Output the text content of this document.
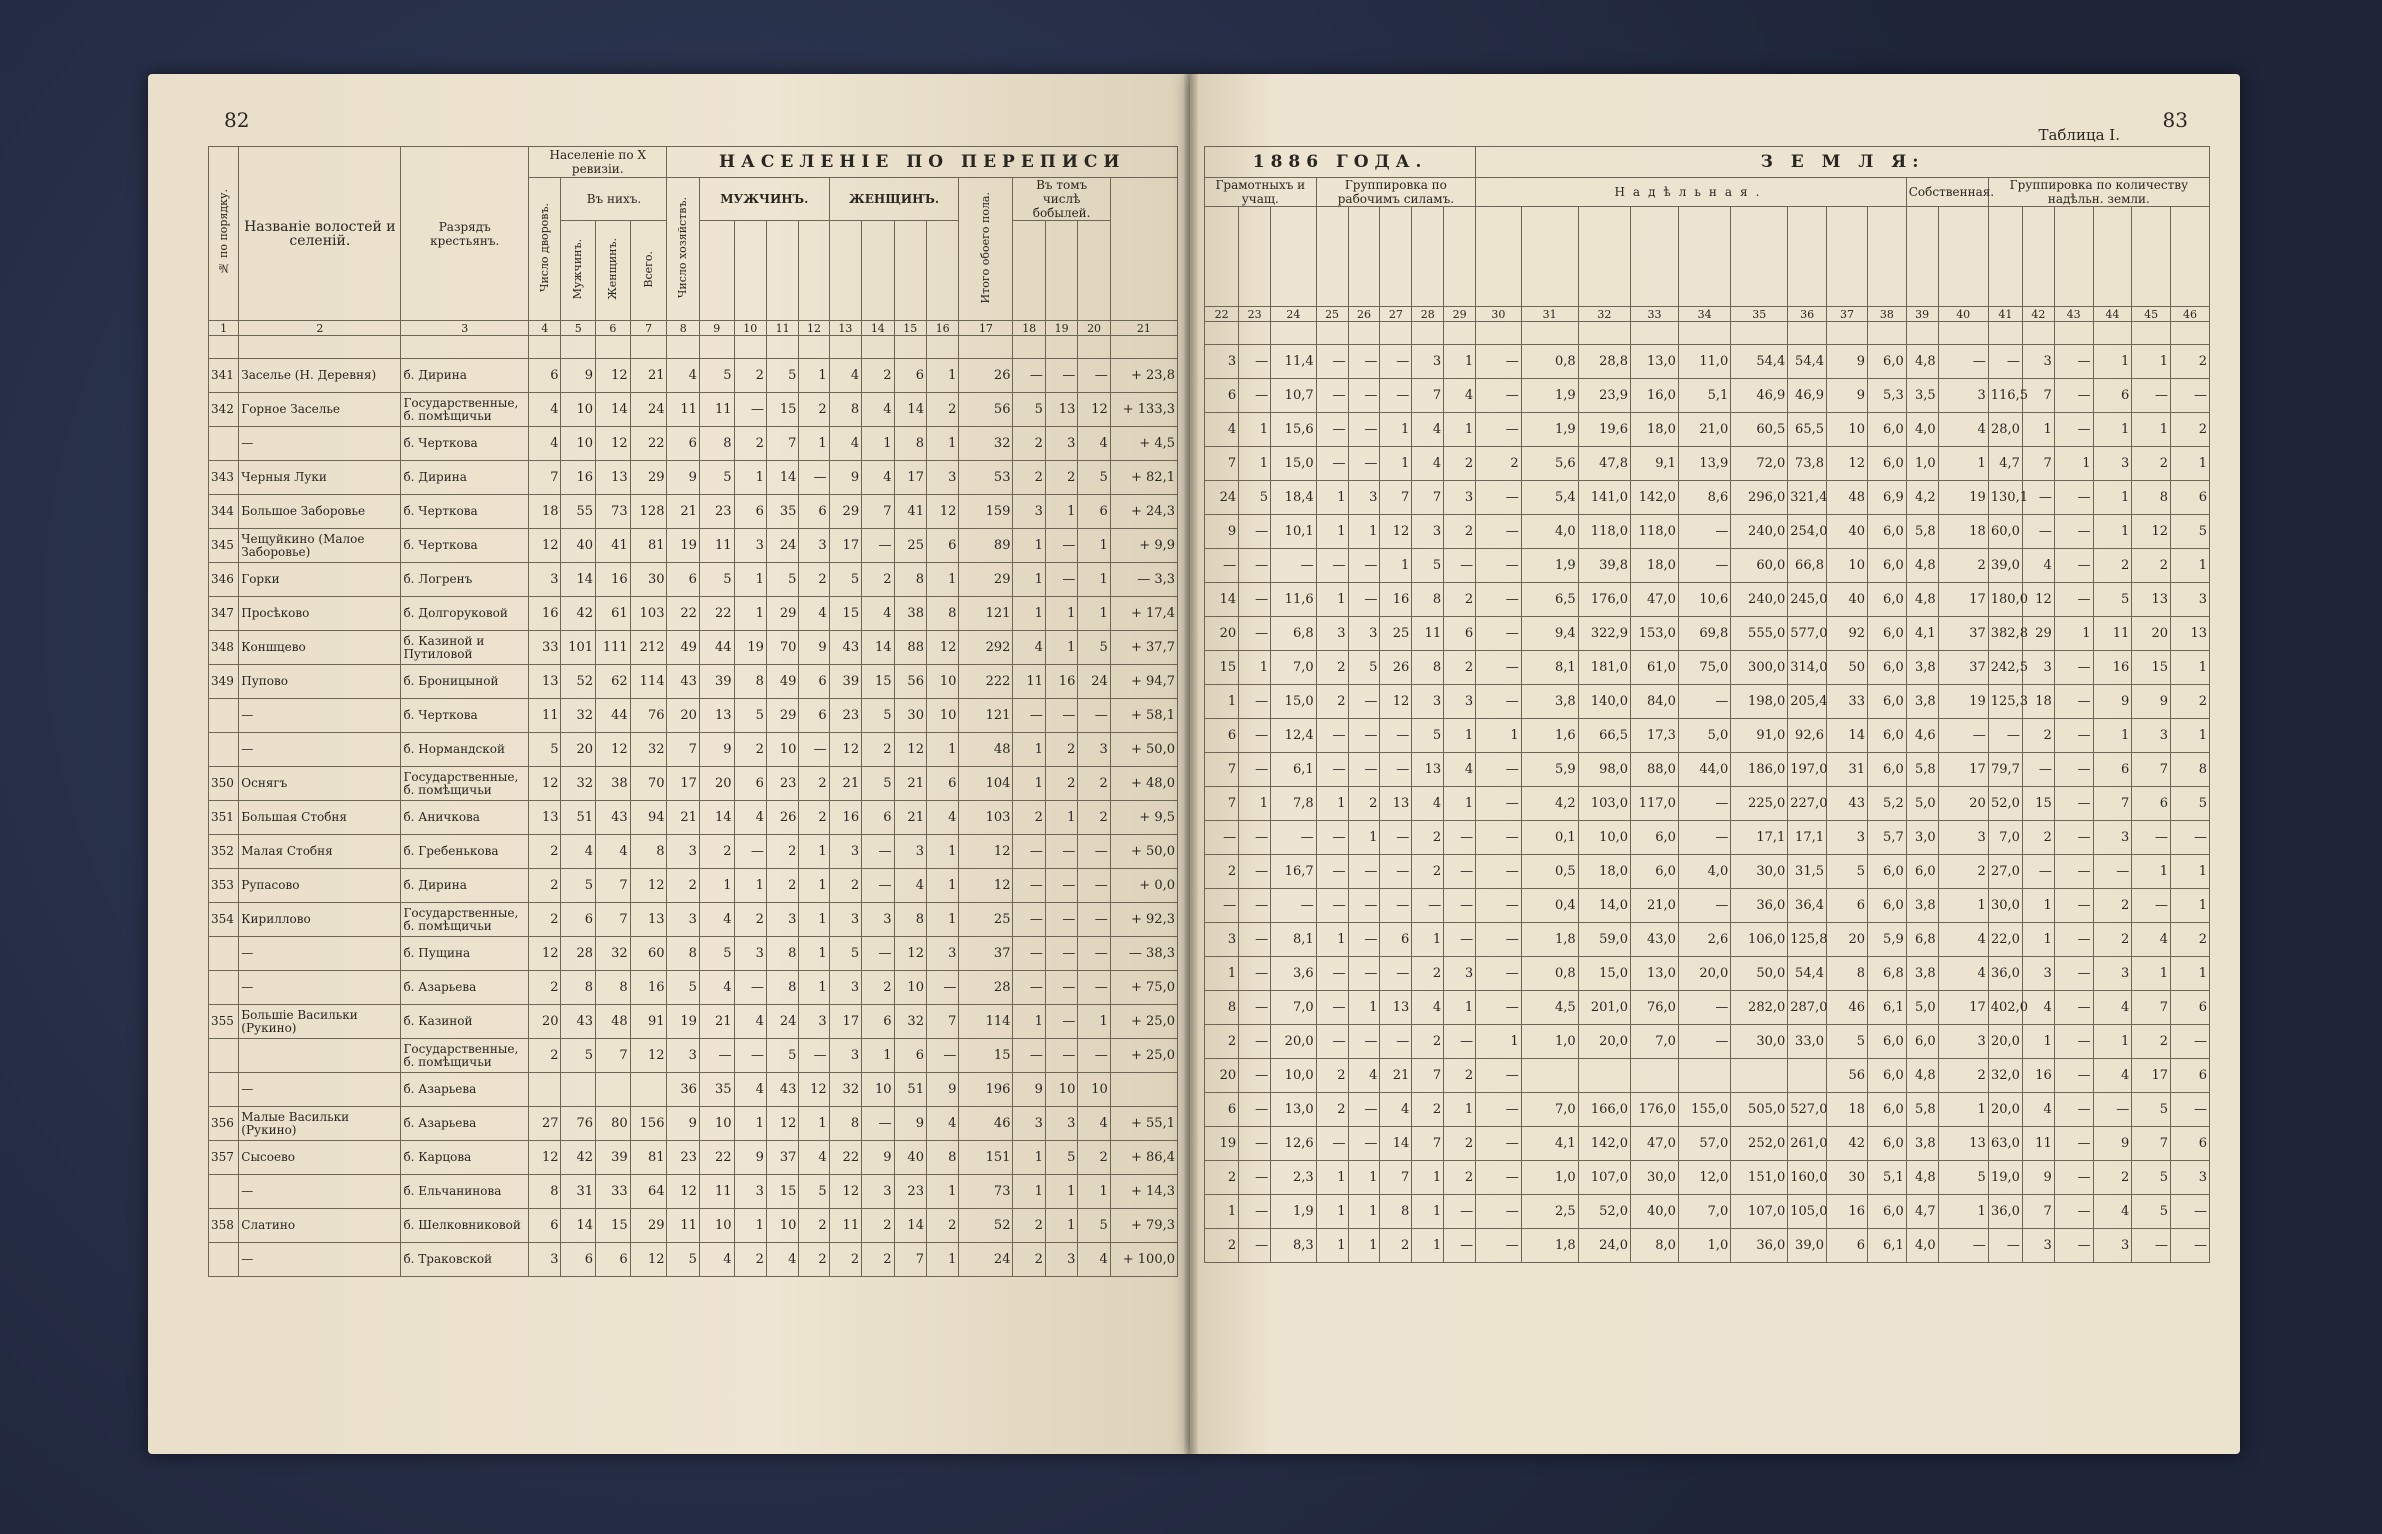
82
№ по порядку.	Названіе волостей и селеній.	Разрядъ крестьянъ.	Населеніе по X ревизіи.				НАСЕЛЕНІЕ ПО ПЕРЕПИСИ													
			Число дворовъ.	Въ нихъ.			Число хозяйствъ.	МУЖЧИНЪ.				ЖЕНЩИНЪ.				Итого обоего пола.	Въ томъ числѣ бобылей.			
				Мужчинъ.	Женщинъ.	Всего.														
1	2	3	4	5	6	7	8	9	10	11	12	13	14	15	16	17	18	19	20	21

341	Заселье (Н. Деревня)	б. Дирина	6	9	12	21	4	5	2	5	1	4	2	6	1	26	—	—	—	+ 23,8
342	Горное Заселье	Государственные, б. помѣщичьи	4	10	14	24	11	11	—	15	2	8	4	14	2	56	5	13	12	+ 133,3
	—	б. Черткова	4	10	12	22	6	8	2	7	1	4	1	8	1	32	2	3	4	+ 4,5
343	Черныя Луки	б. Дирина	7	16	13	29	9	5	1	14	—	9	4	17	3	53	2	2	5	+ 82,1
344	Большое Заборовье	б. Черткова	18	55	73	128	21	23	6	35	6	29	7	41	12	159	3	1	6	+ 24,3
345	Чещуйкино (Малое Заборовье)	б. Черткова	12	40	41	81	19	11	3	24	3	17	—	25	6	89	1	—	1	+ 9,9
346	Горки	б. Логренъ	3	14	16	30	6	5	1	5	2	5	2	8	1	29	1	—	1	— 3,3
347	Просѣково	б. Долгоруковой	16	42	61	103	22	22	1	29	4	15	4	38	8	121	1	1	1	+ 17,4
348	Коншцево	б. Казиной и Путиловой	33	101	111	212	49	44	19	70	9	43	14	88	12	292	4	1	5	+ 37,7
349	Пупово	б. Броницыной	13	52	62	114	43	39	8	49	6	39	15	56	10	222	11	16	24	+ 94,7
	—	б. Черткова	11	32	44	76	20	13	5	29	6	23	5	30	10	121	—	—	—	+ 58,1
	—	б. Нормандской	5	20	12	32	7	9	2	10	—	12	2	12	1	48	1	2	3	+ 50,0
350	Оснягъ	Государственные, б. помѣщичьи	12	32	38	70	17	20	6	23	2	21	5	21	6	104	1	2	2	+ 48,0
351	Большая Стобня	б. Аничкова	13	51	43	94	21	14	4	26	2	16	6	21	4	103	2	1	2	+ 9,5
352	Малая Стобня	б. Гребенькова	2	4	4	8	3	2	—	2	1	3	—	3	1	12	—	—	—	+ 50,0
353	Рупасово	б. Дирина	2	5	7	12	2	1	1	2	1	2	—	4	1	12	—	—	—	+ 0,0
354	Кириллово	Государственные, б. помѣщичьи	2	6	7	13	3	4	2	3	1	3	3	8	1	25	—	—	—	+ 92,3
	—	б. Пущина	12	28	32	60	8	5	3	8	1	5	—	12	3	37	—	—	—	— 38,3
	—	б. Азарьева	2	8	8	16	5	4	—	8	1	3	2	10	—	28	—	—	—	+ 75,0
355	Большіе Васильки (Рукино)	б. Казиной	20	43	48	91	19	21	4	24	3	17	6	32	7	114	1	—	1	+ 25,0
		Государственные, б. помѣщичьи	2	5	7	12	3	—	—	5	—	3	1	6	—	15	—	—	—	+ 25,0
	—	б. Азарьева					36	35	4	43	12	32	10	51	9	196	9	10	10	
356	Малые Васильки (Рукино)	б. Азарьева	27	76	80	156	9	10	1	12	1	8	—	9	4	46	3	3	4	+ 55,1
357	Сысоево	б. Карцова	12	42	39	81	23	22	9	37	4	22	9	40	8	151	1	5	2	+ 86,4
	—	б. Ельчанинова	8	31	33	64	12	11	3	15	5	12	3	23	1	73	1	1	1	+ 14,3
358	Слатино	б. Шелковниковой	6	14	15	29	11	10	1	10	2	11	2	14	2	52	2	1	5	+ 79,3
	—	б. Траковской	3	6	6	12	5	4	2	4	2	2	2	7	1	24	2	3	4	+ 100,0
83
Таблица I.
1886 ГОДА.								З Е М Л Я:																
Грамотныхъ и учащ.			Группировка по рабочимъ силамъ.					Надѣльная.									Собственная.		Группировка по количеству надѣльн. земли.					

22	23	24	25	26	27	28	29	30	31	32	33	34	35	36	37	38	39	40	41	42	43	44	45	46

3	—	11,4	—	—	—	3	1	—	0,8	28,8	13,0	11,0	54,4	54,4	9	6,0	4,8	—	—	3	—	1	1	2
6	—	10,7	—	—	—	7	4	—	1,9	23,9	16,0	5,1	46,9	46,9	9	5,3	3,5	3	116,5	7	—	6	—	—
4	1	15,6	—	—	1	4	1	—	1,9	19,6	18,0	21,0	60,5	65,5	10	6,0	4,0	4	28,0	1	—	1	1	2
7	1	15,0	—	—	1	4	2	2	5,6	47,8	9,1	13,9	72,0	73,8	12	6,0	1,0	1	4,7	7	1	3	2	1
24	5	18,4	1	3	7	7	3	—	5,4	141,0	142,0	8,6	296,0	321,4	48	6,9	4,2	19	130,1	—	—	1	8	6
9	—	10,1	1	1	12	3	2	—	4,0	118,0	118,0	—	240,0	254,0	40	6,0	5,8	18	60,0	—	—	1	12	5
—	—	—	—	—	1	5	—	—	1,9	39,8	18,0	—	60,0	66,8	10	6,0	4,8	2	39,0	4	—	2	2	1
14	—	11,6	1	—	16	8	2	—	6,5	176,0	47,0	10,6	240,0	245,0	40	6,0	4,8	17	180,0	12	—	5	13	3
20	—	6,8	3	3	25	11	6	—	9,4	322,9	153,0	69,8	555,0	577,0	92	6,0	4,1	37	382,8	29	1	11	20	13
15	1	7,0	2	5	26	8	2	—	8,1	181,0	61,0	75,0	300,0	314,0	50	6,0	3,8	37	242,5	3	—	16	15	1
1	—	15,0	2	—	12	3	3	—	3,8	140,0	84,0	—	198,0	205,4	33	6,0	3,8	19	125,3	18	—	9	9	2
6	—	12,4	—	—	—	5	1	1	1,6	66,5	17,3	5,0	91,0	92,6	14	6,0	4,6	—	—	2	—	1	3	1
7	—	6,1	—	—	—	13	4	—	5,9	98,0	88,0	44,0	186,0	197,0	31	6,0	5,8	17	79,7	—	—	6	7	8
7	1	7,8	1	2	13	4	1	—	4,2	103,0	117,0	—	225,0	227,0	43	5,2	5,0	20	52,0	15	—	7	6	5
—	—	—	—	1	—	2	—	—	0,1	10,0	6,0	—	17,1	17,1	3	5,7	3,0	3	7,0	2	—	3	—	—
2	—	16,7	—	—	—	2	—	—	0,5	18,0	6,0	4,0	30,0	31,5	5	6,0	6,0	2	27,0	—	—	—	1	1
—	—	—	—	—	—	—	—	—	0,4	14,0	21,0	—	36,0	36,4	6	6,0	3,8	1	30,0	1	—	2	—	1
3	—	8,1	1	—	6	1	—	—	1,8	59,0	43,0	2,6	106,0	125,8	20	5,9	6,8	4	22,0	1	—	2	4	2
1	—	3,6	—	—	—	2	3	—	0,8	15,0	13,0	20,0	50,0	54,4	8	6,8	3,8	4	36,0	3	—	3	1	1
8	—	7,0	—	1	13	4	1	—	4,5	201,0	76,0	—	282,0	287,0	46	6,1	5,0	17	402,0	4	—	4	7	6
2	—	20,0	—	—	—	2	—	1	1,0	20,0	7,0	—	30,0	33,0	5	6,0	6,0	3	20,0	1	—	1	2	—
20	—	10,0	2	4	21	7	2	—							56	6,0	4,8	2	32,0	16	—	4	17	6
6	—	13,0	2	—	4	2	1	—	7,0	166,0	176,0	155,0	505,0	527,0	18	6,0	5,8	1	20,0	4	—	—	5	—
19	—	12,6	—	—	14	7	2	—	4,1	142,0	47,0	57,0	252,0	261,0	42	6,0	3,8	13	63,0	11	—	9	7	6
2	—	2,3	1	1	7	1	2	—	1,0	107,0	30,0	12,0	151,0	160,0	30	5,1	4,8	5	19,0	9	—	2	5	3
1	—	1,9	1	1	8	1	—	—	2,5	52,0	40,0	7,0	107,0	105,0	16	6,0	4,7	1	36,0	7	—	4	5	—
2	—	8,3	1	1	2	1	—	—	1,8	24,0	8,0	1,0	36,0	39,0	6	6,1	4,0	—	—	3	—	3	—	—
